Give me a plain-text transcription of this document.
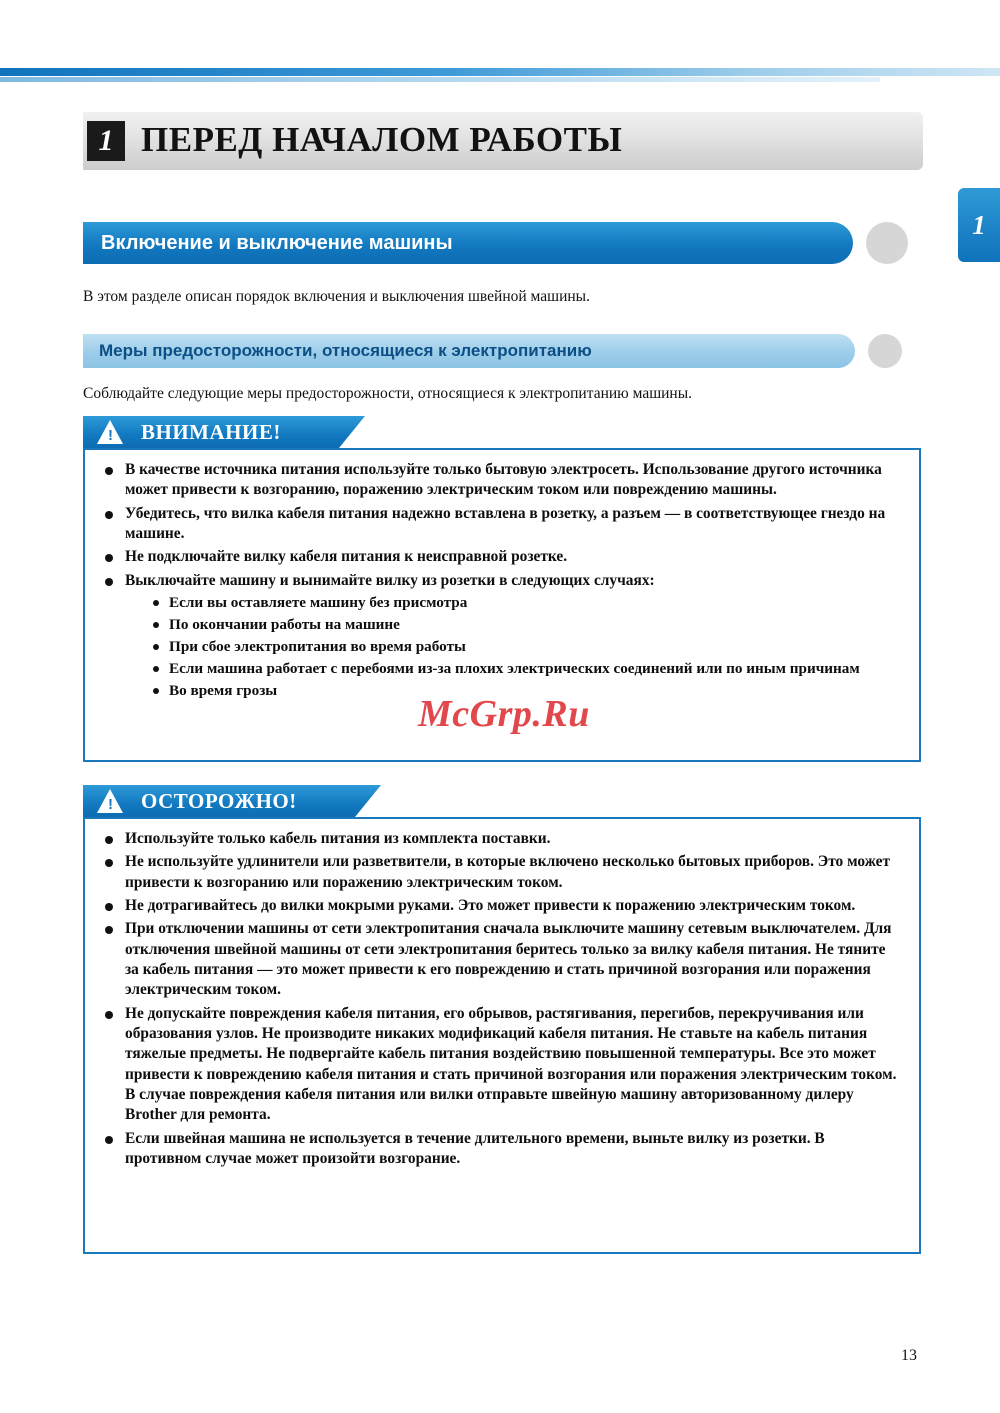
1 ПЕРЕД НАЧАЛОМ РАБОТЫ
1
Включение и выключение машины
В этом разделе описан порядок включения и выключения швейной машины.
Меры предосторожности, относящиеся к электропитанию
Соблюдайте следующие меры предосторожности, относящиеся к электропитанию машины.
! ВНИМАНИЕ!
В качестве источника питания используйте только бытовую электросеть. Использование другого источника может привести к возгоранию, поражению электрическим током или повреждению машины.
Убедитесь, что вилка кабеля питания надежно вставлена в розетку, а разъем — в соответствующее гнездо на машине.
Не подключайте вилку кабеля питания к неисправной розетке.
Выключайте машину и вынимайте вилку из розетки в следующих случаях:
Если вы оставляете машину без присмотра
По окончании работы на машине
При сбое электропитания во время работы
Если машина работает с перебоями из-за плохих электрических соединений или по иным причинам
Во время грозы
McGrp.Ru
! ОСТОРОЖНО!
Используйте только кабель питания из комплекта поставки.
Не используйте удлинители или разветвители, в которые включено несколько бытовых приборов. Это может привести к возгоранию или поражению электрическим током.
Не дотрагивайтесь до вилки мокрыми руками. Это может привести к поражению электрическим током.
При отключении машины от сети электропитания сначала выключите машину сетевым выключателем. Для отключения швейной машины от сети электропитания беритесь только за вилку кабеля питания. Не тяните за кабель питания — это может привести к его повреждению и стать причиной возгорания или поражения электрическим током.
Не допускайте повреждения кабеля питания, его обрывов, растягивания, перегибов, перекручивания или образования узлов. Не производите никаких модификаций кабеля питания. Не ставьте на кабель питания тяжелые предметы. Не подвергайте кабель питания воздействию повышенной температуры. Все это может привести к повреждению кабеля питания и стать причиной возгорания или поражения электрическим током. В случае повреждения кабеля питания или вилки отправьте швейную машину авторизованному дилеру Brother для ремонта.
Если швейная машина не используется в течение длительного времени, выньте вилку из розетки. В противном случае может произойти возгорание.
13
